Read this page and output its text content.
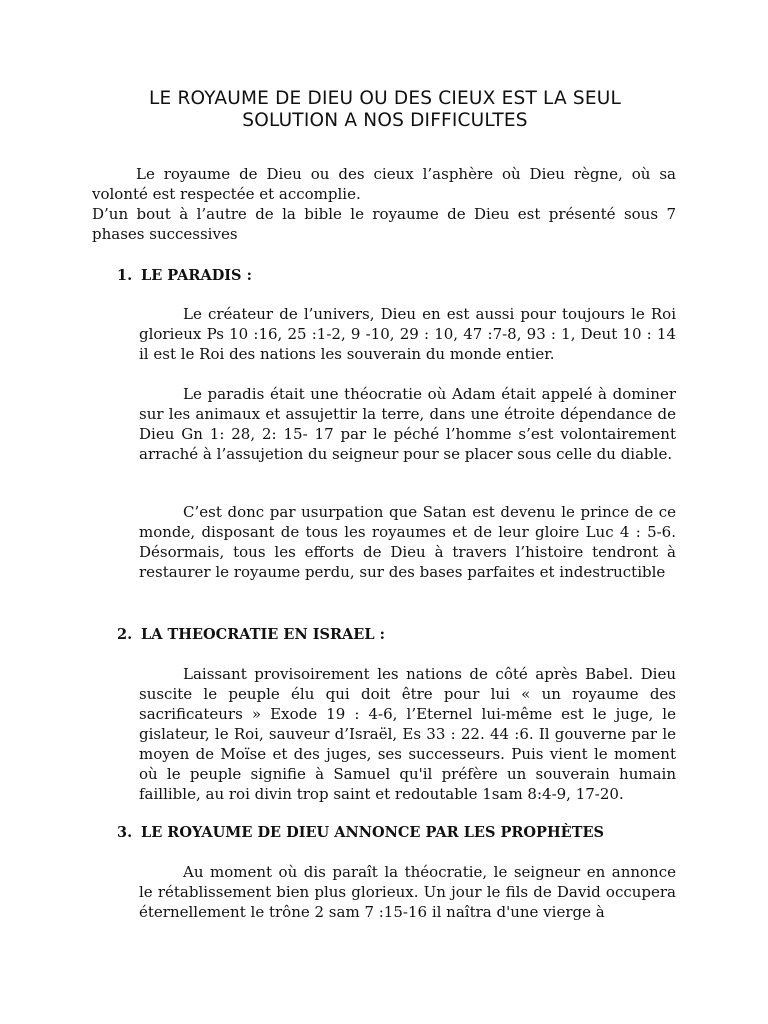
LE ROYAUME DE DIEU OU DES CIEUX EST LA SEUL
SOLUTION A NOS DIFFICULTES

Le royaume de Dieu ou des cieux l’asphère où Dieu règne, où sa volonté est respectée et accomplie.

D’un bout à l’autre de la bible le royaume de Dieu est présenté sous 7 phases successives

1. LE PARADIS :

Le créateur de l’univers, Dieu en est aussi pour toujours le Roi glorieux Ps 10 :16, 25 :1-2, 9 -10, 29 : 10, 47 :7-8, 93 : 1, Deut 10 : 14 il est le Roi des nations les souverain du monde entier.

Le paradis était une théocratie où Adam était appelé à dominer sur les animaux et assujettir la terre, dans une étroite dépendance de Dieu Gn 1: 28, 2: 15- 17 par le péché l’homme s’est volontairement arraché à l’assujetion du seigneur pour se placer sous celle du diable.

C’est donc par usurpation que Satan est devenu le prince de ce monde, disposant de tous les royaumes et de leur gloire Luc 4 : 5-6. Désormais, tous les efforts de Dieu à travers l’histoire tendront à restaurer le royaume perdu, sur des bases parfaites et indestructible

2. LA THEOCRATIE EN ISRAEL :

Laissant provisoirement les nations de côté après Babel. Dieu suscite le peuple élu qui doit être pour lui « un royaume des sacrificateurs » Exode 19 : 4-6, l’Eternel lui-même est le juge, le gislateur, le Roi, sauveur d’Israël, Es 33 : 22. 44 :6. Il gouverne par le moyen de Moïse et des juges, ses successeurs. Puis vient le moment où le peuple signifie à Samuel qu'il préfère un souverain humain faillible, au roi divin trop saint et redoutable 1sam 8:4-9, 17-20.

3. LE ROYAUME DE DIEU ANNONCE PAR LES PROPHÈTES

Au moment où dis paraît la théocratie, le seigneur en annonce le rétablissement bien plus glorieux. Un jour le fils de David occupera éternellement le trône 2 sam 7 :15-16 il naîtra d'une vierge à
